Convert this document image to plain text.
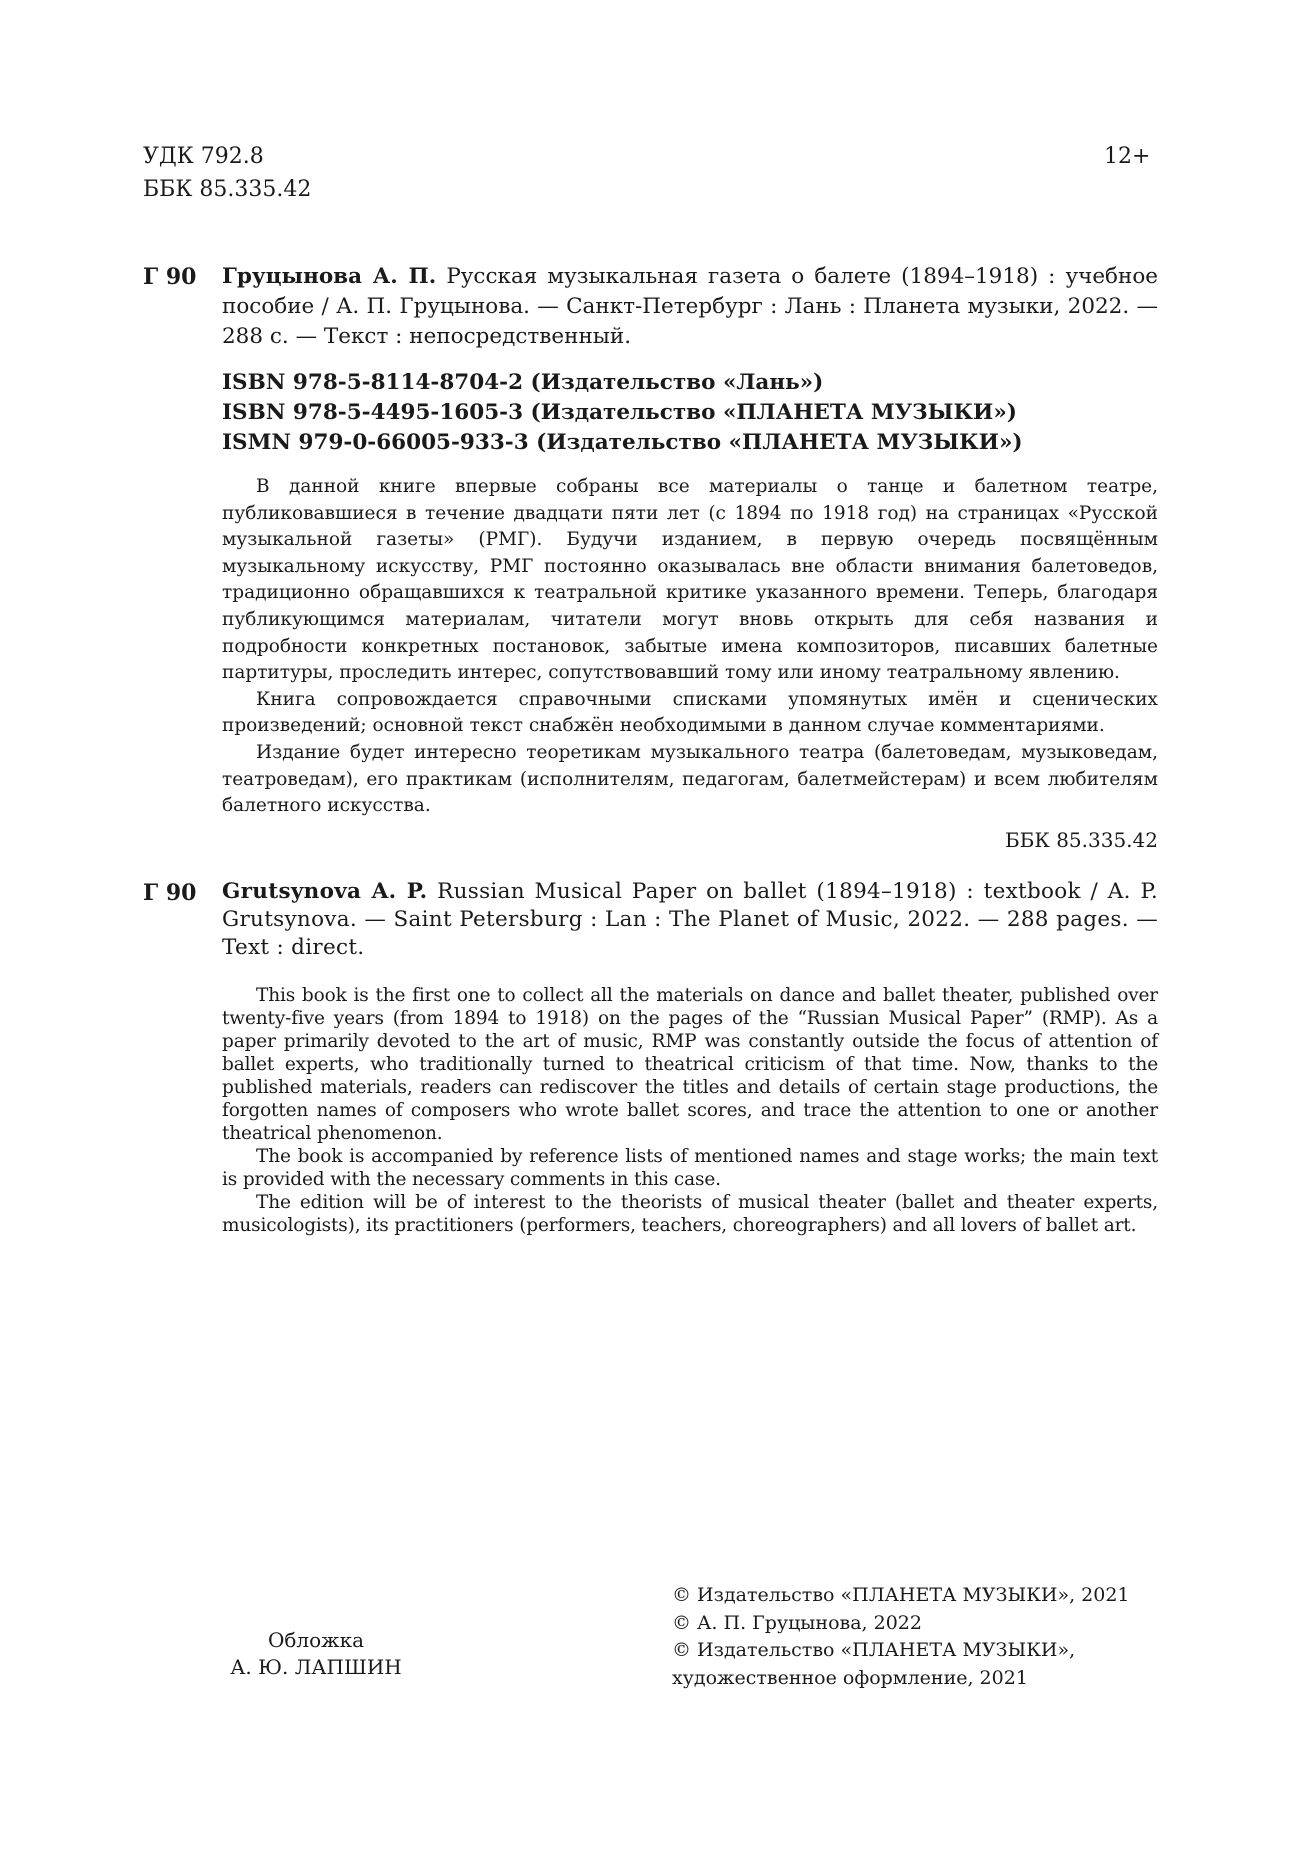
УДК 792.8
ББК 85.335.42
12+
Г 90 Груцынова А. П. Русская музыкальная газета о балете (1894–1918) : учебное пособие / А. П. Груцынова. — Санкт-Петербург : Лань : Планета музыки, 2022. — 288 с. — Текст : непосредственный.

ISBN 978-5-8114-8704-2 (Издательство «Лань»)

ISBN 978-5-4495-1605-3 (Издательство «ПЛАНЕТА МУЗЫКИ»)

ISMN 979-0-66005-933-3 (Издательство «ПЛАНЕТА МУЗЫКИ»)

В данной книге впервые собраны все материалы о танце и балетном театре, публиковавшиеся в течение двадцати пяти лет (с 1894 по 1918 год) на страницах «Русской музыкальной газеты» (РМГ). Будучи изданием, в первую очередь посвящённым музыкальному искусству, РМГ постоянно оказывалась вне области внимания балетоведов, традиционно обращавшихся к театральной критике указанного времени. Теперь, благодаря публикующимся материалам, читатели могут вновь открыть для себя названия и подробности конкретных постановок, забытые имена композиторов, писавших балетные партитуры, проследить интерес, сопутствовавший тому или иному театральному явлению.

Книга сопровождается справочными списками упомянутых имён и сценических произведений; основной текст снабжён необходимыми в данном случае комментариями.

Издание будет интересно теоретикам музыкального театра (балетоведам, музыковедам, театроведам), его практикам (исполнителям, педагогам, балетмейстерам) и всем любителям балетного искусства.

ББК 85.335.42

Г 90 Grutsynova A. P. Russian Musical Paper on ballet (1894–1918) : textbook / A. P. Grutsynova. — Saint Petersburg : Lan : The Planet of Music, 2022. — 288 pages. — Text : direct.

This book is the first one to collect all the materials on dance and ballet theater, published over twenty-five years (from 1894 to 1918) on the pages of the “Russian Musical Paper” (RMP). As a paper primarily devoted to the art of music, RMP was constantly outside the focus of attention of ballet experts, who traditionally turned to theatrical criticism of that time. Now, thanks to the published materials, readers can rediscover the titles and details of certain stage productions, the forgotten names of composers who wrote ballet scores, and trace the attention to one or another theatrical phenomenon.

The book is accompanied by reference lists of mentioned names and stage works; the main text is provided with the necessary comments in this case.

The edition will be of interest to the theorists of musical theater (ballet and theater experts, musicologists), its practitioners (performers, teachers, choreographers) and all lovers of ballet art.

Обложка
А. Ю. ЛАПШИН
© Издательство «ПЛАНЕТА МУЗЫКИ», 2021
© А. П. Груцынова, 2022
© Издательство «ПЛАНЕТА МУЗЫКИ»,
художественное оформление, 2021
